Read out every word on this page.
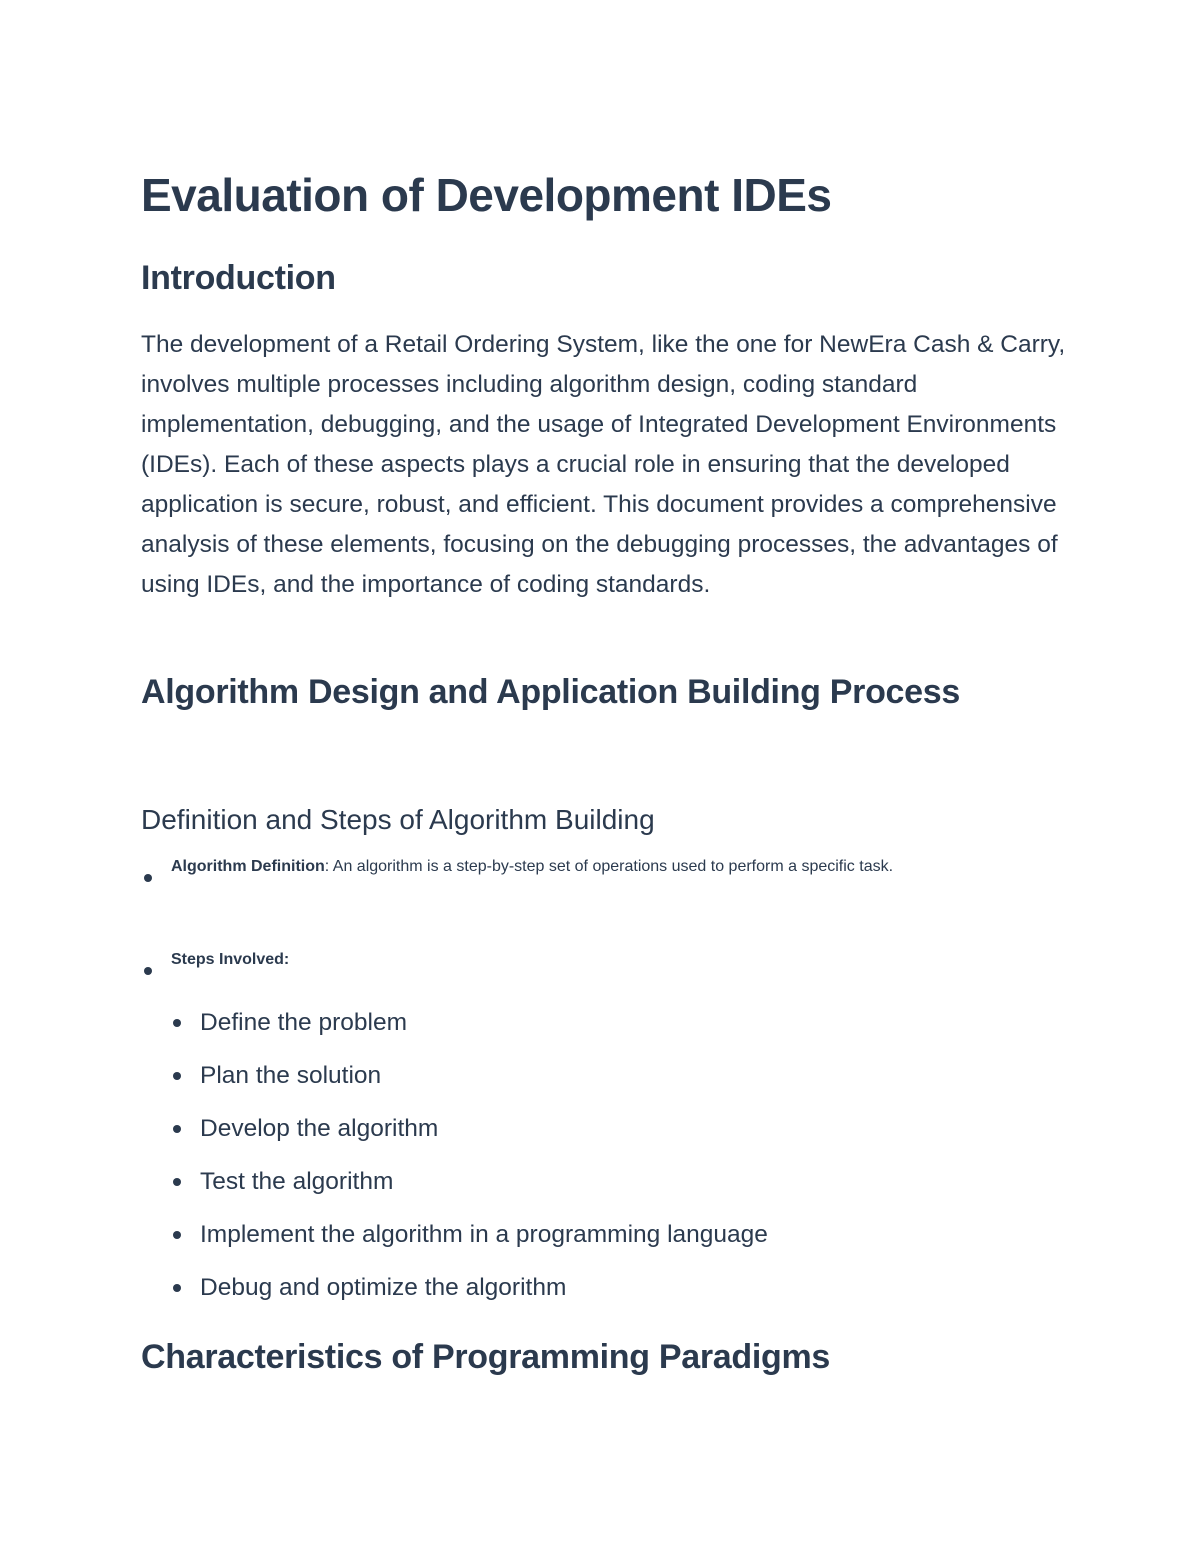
Evaluation of Development IDEs
Introduction

The development of a Retail Ordering System, like the one for NewEra Cash & Carry, involves multiple processes including algorithm design, coding standard implementation, debugging, and the usage of Integrated Development Environments (IDEs). Each of these aspects plays a crucial role in ensuring that the developed application is secure, robust, and efficient. This document provides a comprehensive analysis of these elements, focusing on the debugging processes, the advantages of using IDEs, and the importance of coding standards.

Algorithm Design and Application Building Process
Definition and Steps of Algorithm Building
Algorithm Definition: An algorithm is a step-by-step set of operations used to perform a specific task.
Steps Involved:
Define the problem
Plan the solution
Develop the algorithm
Test the algorithm
Implement the algorithm in a programming language
Debug and optimize the algorithm
Characteristics of Programming Paradigms
